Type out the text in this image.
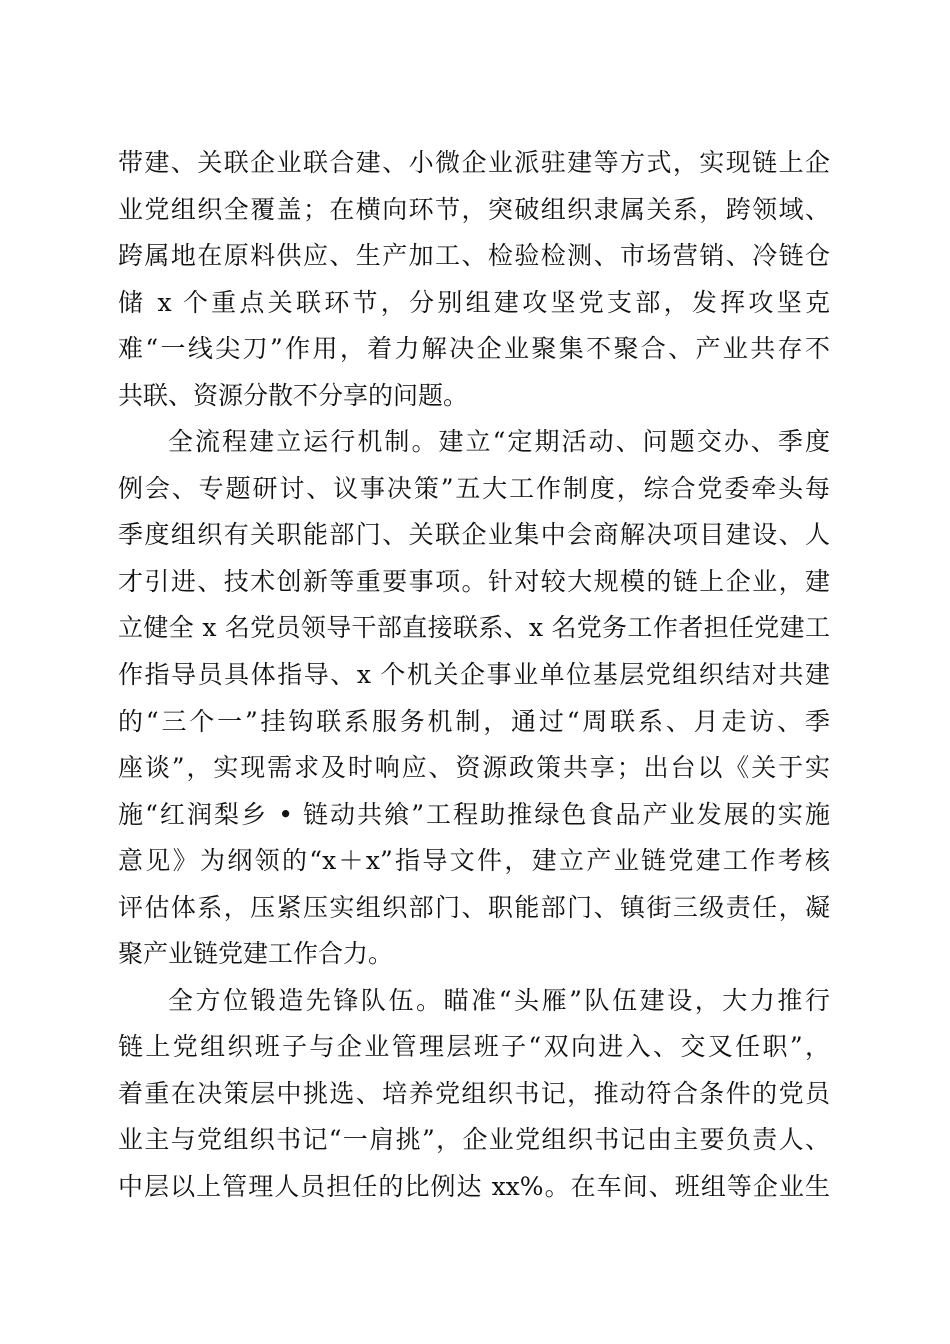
带建、关联企业联合建、小微企业派驻建等方式，实现链上企
业党组织全覆盖；在横向环节，突破组织隶属关系，跨领域、
跨属地在原料供应、生产加工、检验检测、市场营销、冷链仓
储 x 个重点关联环节，分别组建攻坚党支部，发挥攻坚克
难“一线尖刀”作用，着力解决企业聚集不聚合、产业共存不
共联、资源分散不分享的问题。
全流程建立运行机制。建立“定期活动、问题交办、季度
例会、专题研讨、议事决策”五大工作制度，综合党委牵头每
季度组织有关职能部门、关联企业集中会商解决项目建设、人
才引进、技术创新等重要事项。针对较大规模的链上企业，建
立健全 x 名党员领导干部直接联系、x 名党务工作者担任党建工
作指导员具体指导、x 个机关企事业单位基层党组织结对共建
的“三个一”挂钩联系服务机制，通过“周联系、月走访、季
座谈”，实现需求及时响应、资源政策共享；出台以《关于实
施“红润梨乡 • 链动共飨”工程助推绿色食品产业发展的实施
意见》为纲领的“x＋x”指导文件，建立产业链党建工作考核
评估体系，压紧压实组织部门、职能部门、镇街三级责任，凝
聚产业链党建工作合力。
全方位锻造先锋队伍。瞄准“头雁”队伍建设，大力推行
链上党组织班子与企业管理层班子“双向进入、交叉任职”，
着重在决策层中挑选、培养党组织书记，推动符合条件的党员
业主与党组织书记“一肩挑”，企业党组织书记由主要负责人、
中层以上管理人员担任的比例达 xx%。在车间、班组等企业生
